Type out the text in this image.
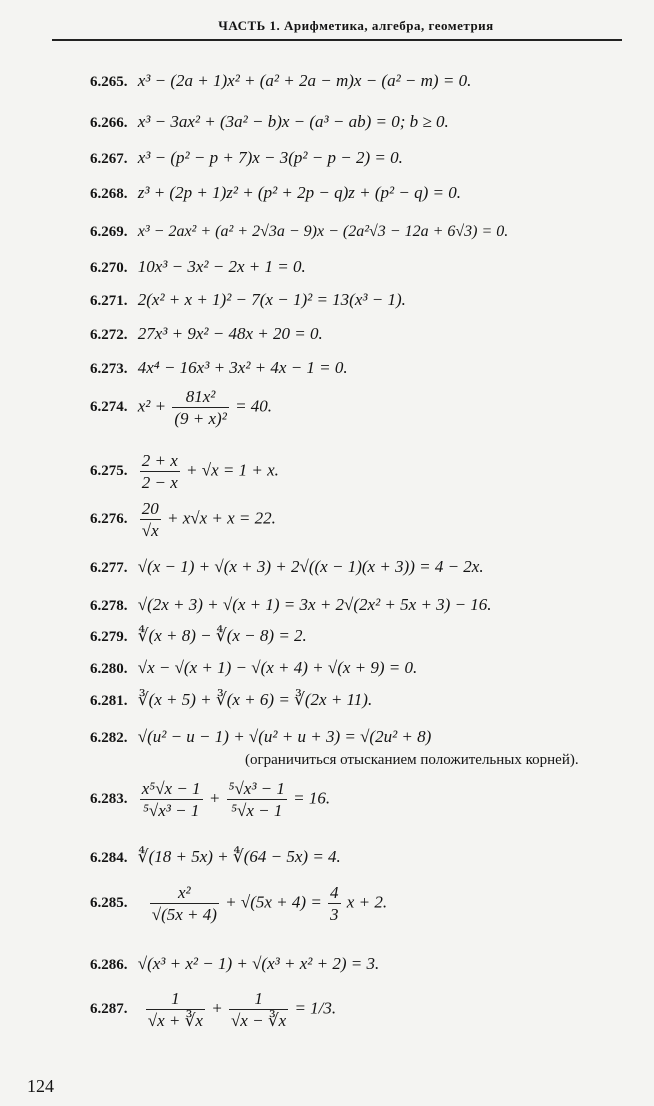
ЧАСТЬ 1. Арифметика, алгебра, геометрия
6.265. x³ − (2a + 1)x² + (a² + 2a − m)x − (a² − m) = 0.
6.266. x³ − 3ax² + (3a² − b)x − (a³ − ab) = 0; b ≥ 0.
6.267. x³ − (p² − p + 7)x − 3(p² − p − 2) = 0.
6.268. z³ + (2p + 1)z² + (p² + 2p − q)z + (p² − q) = 0.
6.269. x³ − 2ax² + (a² + 2√3a − 9)x − (2a²√3 − 12a + 6√3) = 0.
6.270. 10x³ − 3x² − 2x + 1 = 0.
6.271. 2(x² + x + 1)² − 7(x − 1)² = 13(x³ − 1).
6.272. 27x³ + 9x² − 48x + 20 = 0.
6.273. 4x⁴ − 16x³ + 3x² + 4x − 1 = 0.
6.274. $x^2 + \frac{\text{81x²}}{\text{(9 + x)²}} = 40$.
6.275. $\frac{2 + x}{2 - x} + √x = 1 + x$.
6.276. $\frac{20}{√x} + x√x + x = 22$.
6.277. √(x − 1) + √(x + 3) + 2√((x − 1)(x + 3)) = 4 − 2x.
6.278. √(2x + 3) + √(x + 1) = 3x + 2√(2x² + 5x + 3) − 16.
6.279. ∜(x + 8) − ∜(x − 8) = 2.
6.280. √x − √(x + 1) − √(x + 4) + √(x + 9) = 0.
6.281. ∛(x + 5) + ∛(x + 6) = ∛(2x + 11).
6.282. √(u² − u − 1) + √(u² + u + 3) = √(2u² + 8)
(ограничиться отысканием положительных корней).
6.283. $\frac{\text{x⁵√x − 1}}{\text{⁵√x³ − 1}} + \frac{\text{⁵√x³ − 1}}{\text{⁵√x − 1}} = 16$.
6.284. ∜(18 + 5x) + ∜(64 − 5x) = 4.
6.285. $\frac{\text{x²}}{√(5x + 4)} + √(5x + 4) = \frac{4}{3}$ x + 2.
6.286. √(x³ + x² − 1) + √(x³ + x² + 2) = 3.
6.287. $\frac{1}{√x + ∛x} + \frac{1}{√x - ∛x} = 1/3$.
124
